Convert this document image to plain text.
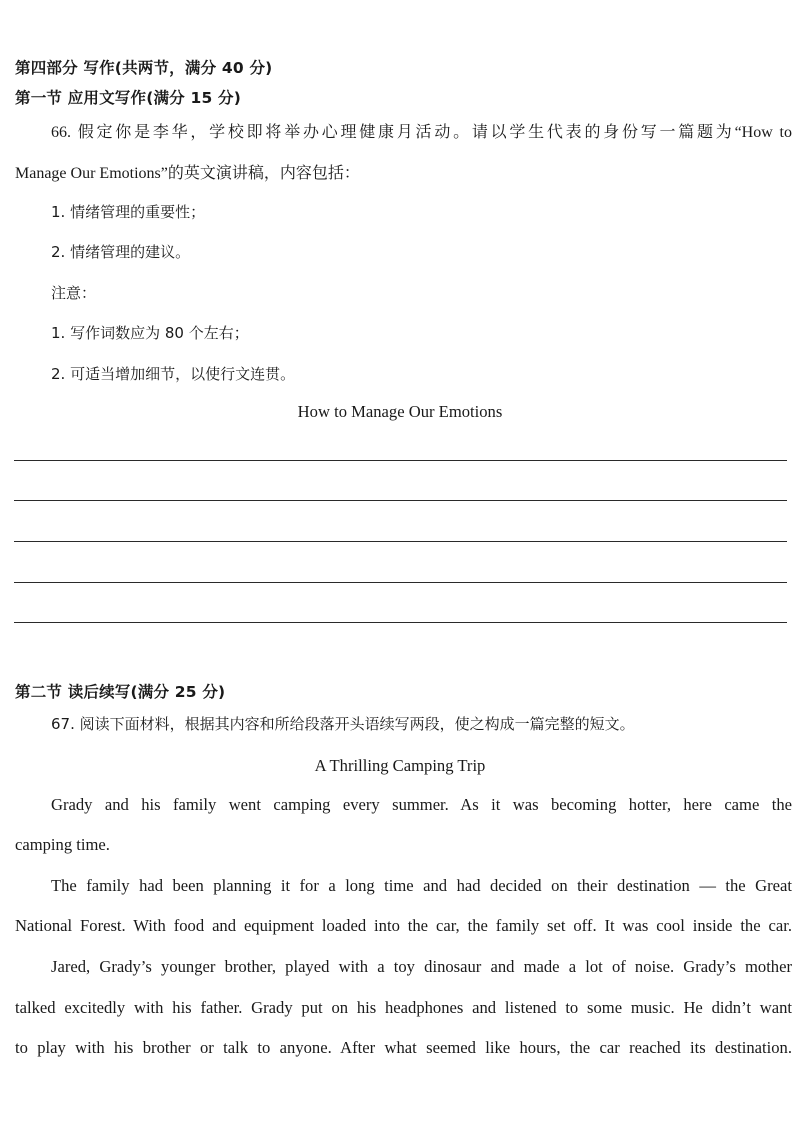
第四部分 写作(共两节，满分 40 分)
第一节 应用文写作(满分 15 分)
66. 假定你是李华，学校即将举办心理健康月活动。请以学生代表的身份写一篇题为“How to
Manage Our Emotions”的英文演讲稿，内容包括：
1. 情绪管理的重要性；
2. 情绪管理的建议。
注意：
1. 写作词数应为 80 个左右；
2. 可适当增加细节，以使行文连贯。
How to Manage Our Emotions
第二节 读后续写(满分 25 分)
67. 阅读下面材料，根据其内容和所给段落开头语续写两段，使之构成一篇完整的短文。
A Thrilling Camping Trip
Grady and his family went camping every summer. As it was becoming hotter, here came the
camping time.
The family had been planning it for a long time and had decided on their destination — the Great
National Forest. With food and equipment loaded into the car, the family set off. It was cool inside the car.
Jared, Grady’s younger brother, played with a toy dinosaur and made a lot of noise. Grady’s mother
talked excitedly with his father. Grady put on his headphones and listened to some music. He didn’t want
to play with his brother or talk to anyone. After what seemed like hours, the car reached its destination.
